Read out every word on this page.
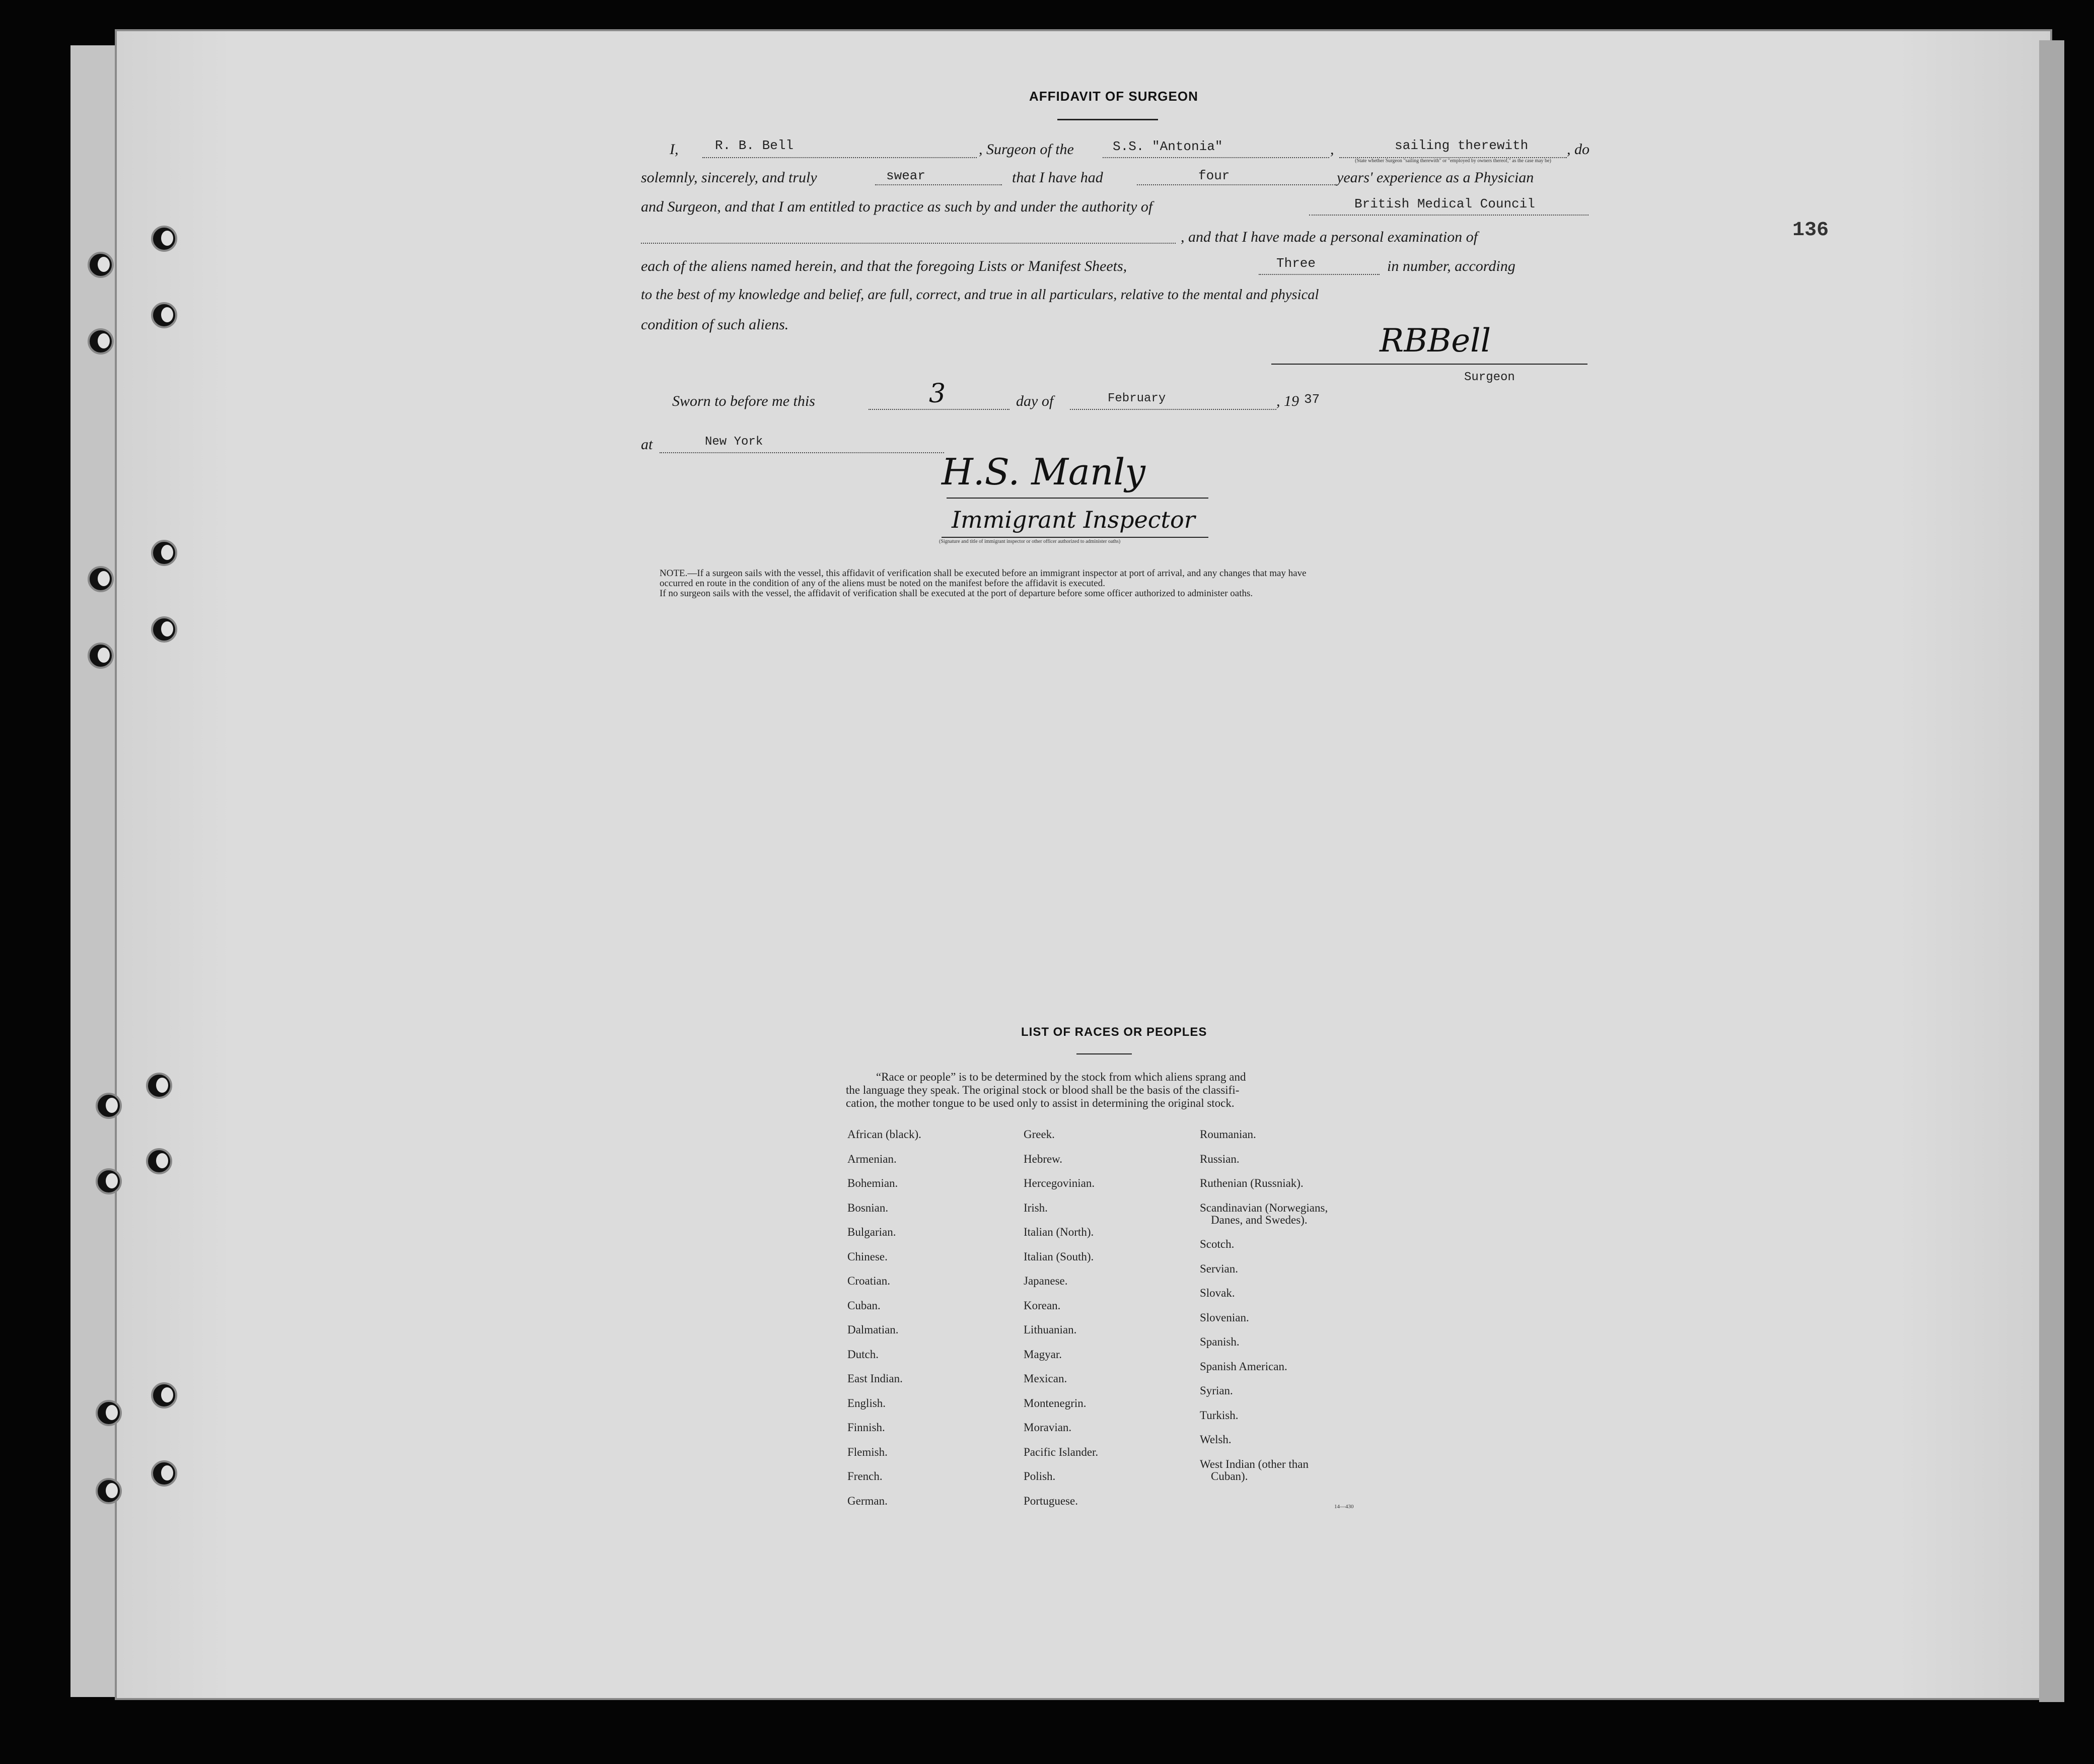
136
AFFIDAVIT OF SURGEON
I,	R. B. Bell	, Surgeon of the	S.S. "Antonia"	,	sailing therewith	, do
(State whether Surgeon "sailing therewith" or "employed by owners thereof," as the case may be)
solemnly, sincerely, and truly	swear	that I have had	four	years' experience as a Physician
and Surgeon, and that I am entitled to practice as such by and under the authority of	British Medical Council
, and that I have made a personal examination of
each of the aliens named herein, and that the foregoing Lists or Manifest Sheets,	Three	in number, according
to the best of my knowledge and belief, are full, correct, and true in all particulars, relative to the mental and physical
condition of such aliens.	RBBell
Surgeon
Sworn to before me this	3	day of	February	, 19 37
at	New York
H.S. Manly
Immigrant Inspector
(Signature and title of immigrant inspector or other officer authorized to administer oaths)
NOTE.—If a surgeon sails with the vessel, this affidavit of verification shall be executed before an immigrant inspector at port of arrival, and any changes that may have
occurred en route in the condition of any of the aliens must be noted on the manifest before the affidavit is executed.
If no surgeon sails with the vessel, the affidavit of verification shall be executed at the port of departure before some officer authorized to administer oaths.
LIST OF RACES OR PEOPLES
“Race or people” is to be determined by the stock from which aliens sprang and
the language they speak. The original stock or blood shall be the basis of the classifi-
cation, the mother tongue to be used only to assist in determining the original stock.
African (black).
Armenian.
Bohemian.
Bosnian.
Bulgarian.
Chinese.
Croatian.
Cuban.
Dalmatian.
Dutch.
East Indian.
English.
Finnish.
Flemish.
French.
German.
Greek.
Hebrew.
Hercegovinian.
Irish.
Italian (North).
Italian (South).
Japanese.
Korean.
Lithuanian.
Magyar.
Mexican.
Montenegrin.
Moravian.
Pacific Islander.
Polish.
Portuguese.
Roumanian.
Russian.
Ruthenian (Russniak).
Scandinavian (Norwegians,
Danes, and Swedes).
Scotch.
Servian.
Slovak.
Slovenian.
Spanish.
Spanish American.
Syrian.
Turkish.
Welsh.
West Indian (other than
Cuban).
14—430
